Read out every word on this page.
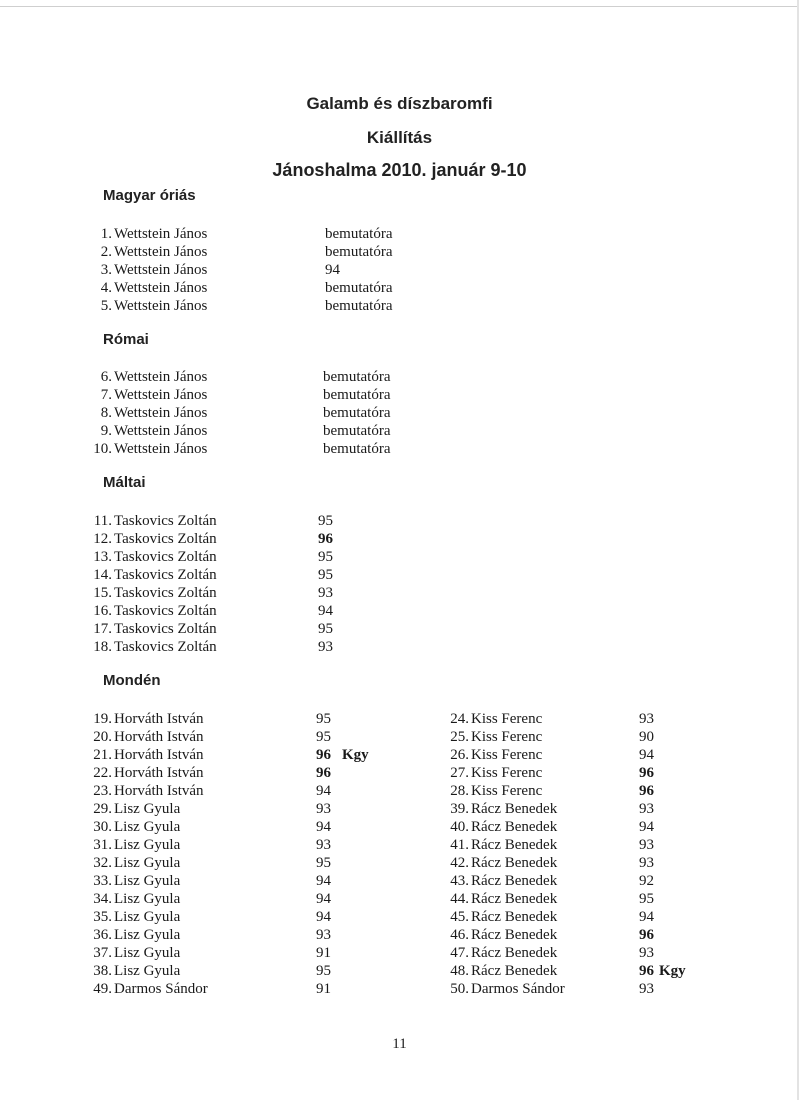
Galamb és díszbaromfi
Kiállítás
Jánoshalma 2010. január 9-10
Magyar óriás
1. Wettstein János	bemutatóra
2. Wettstein János	bemutatóra
3. Wettstein János	94
4. Wettstein János	bemutatóra
5. Wettstein János	bemutatóra
Római
6. Wettstein János	bemutatóra
7. Wettstein János	bemutatóra
8. Wettstein János	bemutatóra
9. Wettstein János	bemutatóra
10. Wettstein János	bemutatóra
Máltai
11. Taskovics Zoltán	95
12. Taskovics Zoltán	96
13. Taskovics Zoltán	95
14. Taskovics Zoltán	95
15. Taskovics Zoltán	93
16. Taskovics Zoltán	94
17. Taskovics Zoltán	95
18. Taskovics Zoltán	93
Mondén
19. Horváth István	95
20. Horváth István	95
21. Horváth István	96 Kgy
22. Horváth István	96
23. Horváth István	94
29. Lisz Gyula	93
30. Lisz Gyula	94
31. Lisz Gyula	93
32. Lisz Gyula	95
33. Lisz Gyula	94
34. Lisz Gyula	94
35. Lisz Gyula	94
36. Lisz Gyula	93
37. Lisz Gyula	91
38. Lisz Gyula	95
49. Darmos Sándor	91
24. Kiss Ferenc	93
25. Kiss Ferenc	90
26. Kiss Ferenc	94
27. Kiss Ferenc	96
28. Kiss Ferenc	96
39. Rácz Benedek	93
40. Rácz Benedek	94
41. Rácz Benedek	93
42. Rácz Benedek	93
43. Rácz Benedek	92
44. Rácz Benedek	95
45. Rácz Benedek	94
46. Rácz Benedek	96
47. Rácz Benedek	93
48. Rácz Benedek	96 Kgy
50. Darmos Sándor	93
11
